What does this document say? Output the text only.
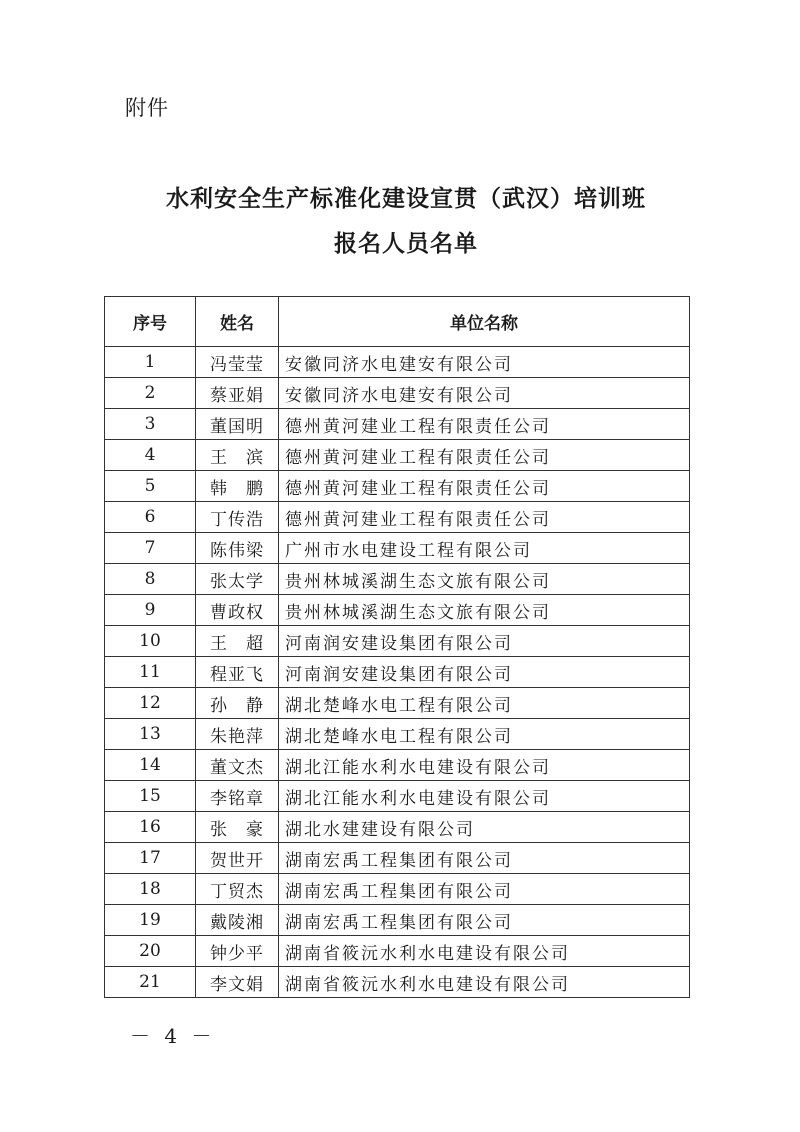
附件
水利安全生产标准化建设宣贯（武汉）培训班
报名人员名单
序号	姓名	单位名称
1	冯莹莹	安徽同济水电建安有限公司
2	蔡亚娟	安徽同济水电建安有限公司
3	董国明	德州黄河建业工程有限责任公司
4	王　滨	德州黄河建业工程有限责任公司
5	韩　鹏	德州黄河建业工程有限责任公司
6	丁传浩	德州黄河建业工程有限责任公司
7	陈伟梁	广州市水电建设工程有限公司
8	张太学	贵州林城溪湖生态文旅有限公司
9	曹政权	贵州林城溪湖生态文旅有限公司
10	王　超	河南润安建设集团有限公司
11	程亚飞	河南润安建设集团有限公司
12	孙　静	湖北楚峰水电工程有限公司
13	朱艳萍	湖北楚峰水电工程有限公司
14	董文杰	湖北江能水利水电建设有限公司
15	李铭章	湖北江能水利水电建设有限公司
16	张　豪	湖北水建建设有限公司
17	贺世开	湖南宏禹工程集团有限公司
18	丁贸杰	湖南宏禹工程集团有限公司
19	戴陵湘	湖南宏禹工程集团有限公司
20	钟少平	湖南省筱沅水利水电建设有限公司
21	李文娟	湖南省筱沅水利水电建设有限公司
－ 4 －
